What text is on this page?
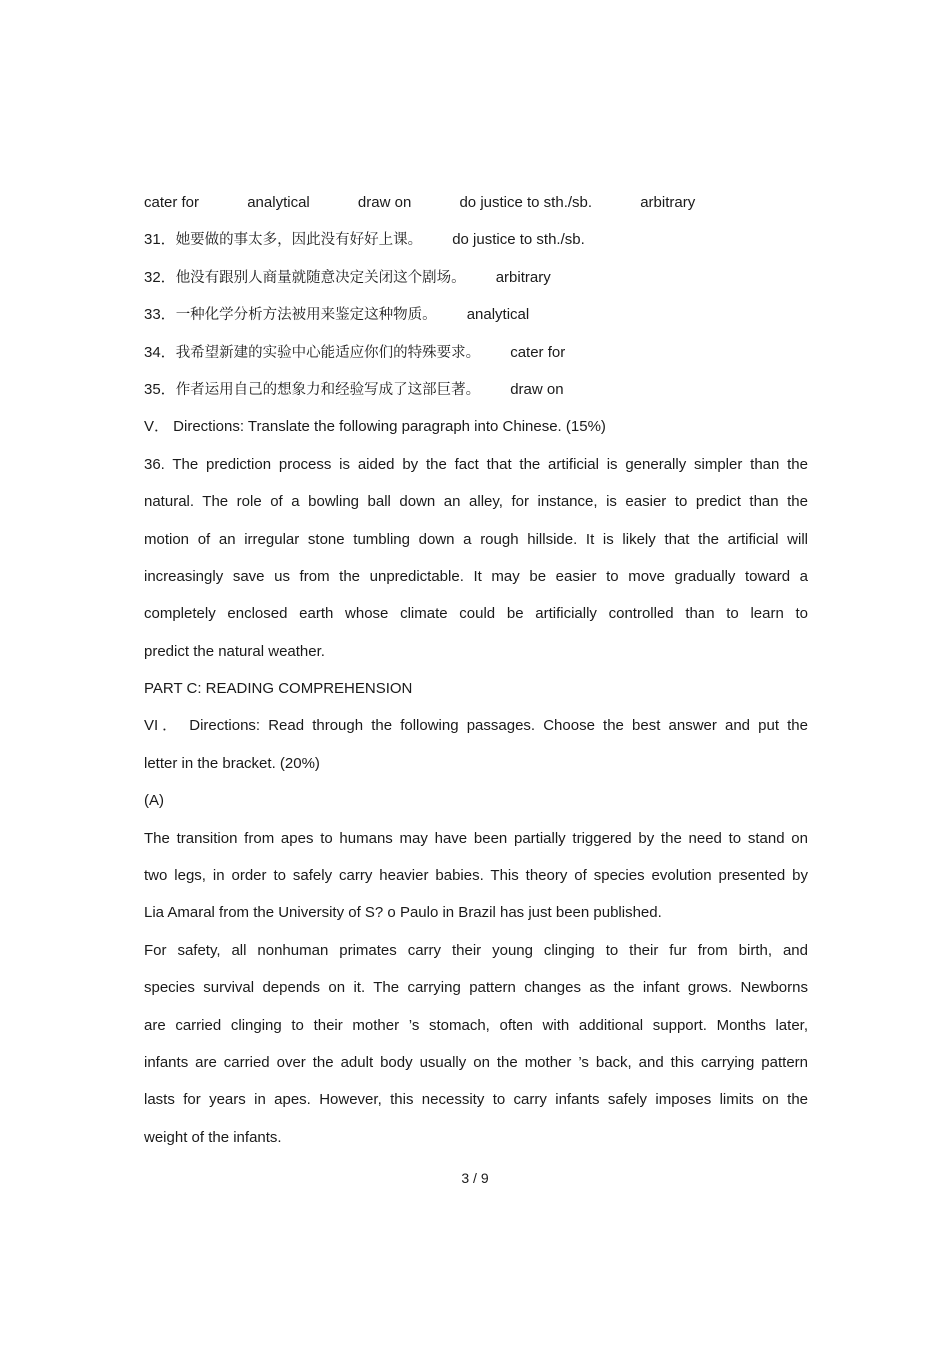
cater for	analytical	draw on	do justice to sth./sb.	arbitrary
31．她要做的事太多，因此没有好好上课。 do justice to sth./sb.
32．他没有跟别人商量就随意决定关闭这个剧场。 arbitrary
33．一种化学分析方法被用来鉴定这种物质。 analytical
34．我希望新建的实验中心能适应你们的特殊要求。 cater for
35．作者运用自己的想象力和经验写成了这部巨著。 draw on
V． Directions: Translate the following paragraph into Chinese. (15%)
36. The prediction process is aided by the fact that the artificial is generally simpler than the
natural. The role of a bowling ball down an alley, for instance, is easier to predict than the
motion of an irregular stone tumbling down a rough hillside. It is likely that the artificial will
increasingly save us from the unpredictable. It may be easier to move gradually toward a
completely enclosed earth whose climate could be artificially controlled than to learn to
predict the natural weather.
PART C: READING COMPREHENSION
VI． Directions: Read through the following passages. Choose the best answer and put the
letter in the bracket. (20%)
(A)
The transition from apes to humans may have been partially triggered by the need to stand on
two legs, in order to safely carry heavier babies. This theory of species evolution presented by
Lia Amaral from the University of S? o Paulo in Brazil has just been published.
For safety, all nonhuman primates carry their young clinging to their fur from birth, and
species survival depends on it. The carrying pattern changes as the infant grows. Newborns
are carried clinging to their mother ’s stomach, often with additional support. Months later,
infants are carried over the adult body usually on the mother ’s back, and this carrying pattern
lasts for years in apes. However, this necessity to carry infants safely imposes limits on the
weight of the infants.
3 / 9
